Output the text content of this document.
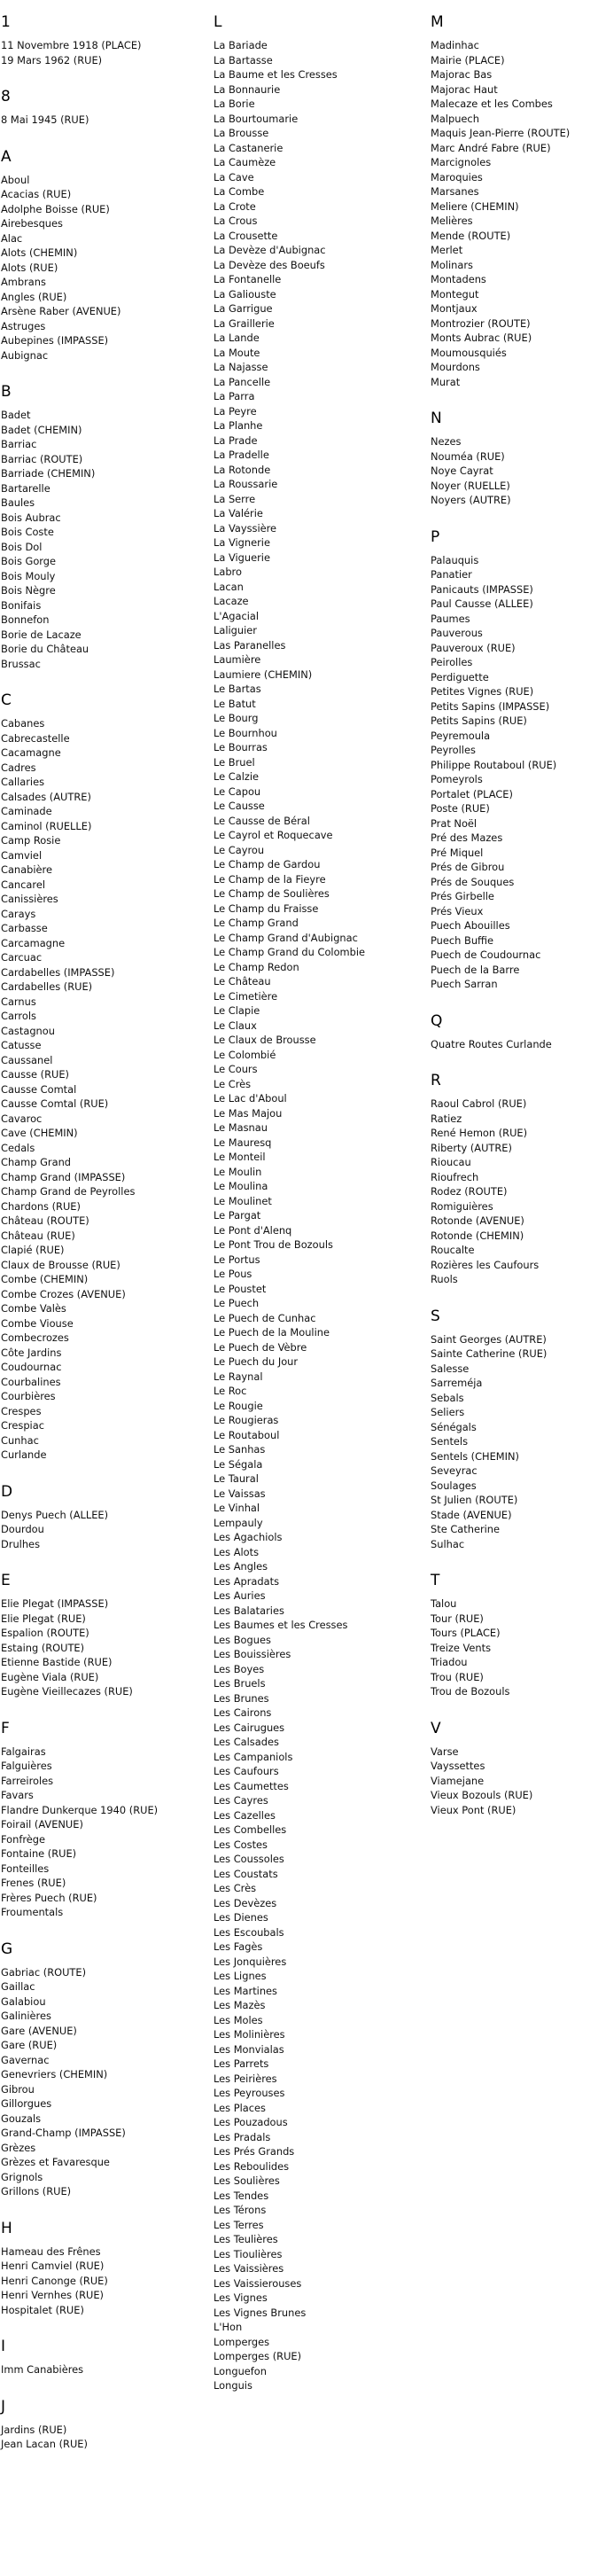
1
11 Novembre 1918 (PLACE)
19 Mars 1962 (RUE)
8
8 Mai 1945 (RUE)
A
Aboul
Acacias (RUE)
Adolphe Boisse (RUE)
Airebesques
Alac
Alots (CHEMIN)
Alots (RUE)
Ambrans
Angles (RUE)
Arsène Raber (AVENUE)
Astruges
Aubepines (IMPASSE)
Aubignac
B
Badet
Badet (CHEMIN)
Barriac
Barriac (ROUTE)
Barriade (CHEMIN)
Bartarelle
Baules
Bois Aubrac
Bois Coste
Bois Dol
Bois Gorge
Bois Mouly
Bois Nègre
Bonifais
Bonnefon
Borie de Lacaze
Borie du Château
Brussac
C
Cabanes
Cabrecastelle
Cacamagne
Cadres
Callaries
Calsades (AUTRE)
Caminade
Caminol (RUELLE)
Camp Rosie
Camviel
Canabière
Cancarel
Canissières
Carays
Carbasse
Carcamagne
Carcuac
Cardabelles (IMPASSE)
Cardabelles (RUE)
Carnus
Carrols
Castagnou
Catusse
Caussanel
Causse (RUE)
Causse Comtal
Causse Comtal (RUE)
Cavaroc
Cave (CHEMIN)
Cedals
Champ Grand
Champ Grand (IMPASSE)
Champ Grand de Peyrolles
Chardons (RUE)
Château (ROUTE)
Château (RUE)
Clapié (RUE)
Claux de Brousse (RUE)
Combe (CHEMIN)
Combe Crozes (AVENUE)
Combe Valès
Combe Viouse
Combecrozes
Côte Jardins
Coudournac
Courbalines
Courbières
Crespes
Crespiac
Cunhac
Curlande
D
Denys Puech (ALLEE)
Dourdou
Drulhes
E
Elie Plegat (IMPASSE)
Elie Plegat (RUE)
Espalion (ROUTE)
Estaing (ROUTE)
Etienne Bastide (RUE)
Eugène Viala (RUE)
Eugène Vieillecazes (RUE)
F
Falgairas
Falguières
Farreiroles
Favars
Flandre Dunkerque 1940 (RUE)
Foirail (AVENUE)
Fonfrège
Fontaine (RUE)
Fonteilles
Frenes (RUE)
Frères Puech (RUE)
Froumentals
G
Gabriac (ROUTE)
Gaillac
Galabiou
Galinières
Gare (AVENUE)
Gare (RUE)
Gavernac
Genevriers (CHEMIN)
Gibrou
Gillorgues
Gouzals
Grand-Champ (IMPASSE)
Grèzes
Grèzes et Favaresque
Grignols
Grillons (RUE)
H
Hameau des Frênes
Henri Camviel (RUE)
Henri Canonge (RUE)
Henri Vernhes (RUE)
Hospitalet (RUE)
I
Imm Canabières
J
Jardins (RUE)
Jean Lacan (RUE)
L
La Bariade
La Bartasse
La Baume et les Cresses
La Bonnaurie
La Borie
La Bourtoumarie
La Brousse
La Castanerie
La Caumèze
La Cave
La Combe
La Crote
La Crous
La Crousette
La Devèze d'Aubignac
La Devèze des Boeufs
La Fontanelle
La Galiouste
La Garrigue
La Graillerie
La Lande
La Moute
La Najasse
La Pancelle
La Parra
La Peyre
La Planhe
La Prade
La Pradelle
La Rotonde
La Roussarie
La Serre
La Valérie
La Vayssière
La Vignerie
La Viguerie
Labro
Lacan
Lacaze
L'Agacial
Laliguier
Las Paranelles
Laumière
Laumiere (CHEMIN)
Le Bartas
Le Batut
Le Bourg
Le Bournhou
Le Bourras
Le Bruel
Le Calzie
Le Capou
Le Causse
Le Causse de Béral
Le Cayrol et Roquecave
Le Cayrou
Le Champ de Gardou
Le Champ de la Fieyre
Le Champ de Soulières
Le Champ du Fraisse
Le Champ Grand
Le Champ Grand d'Aubignac
Le Champ Grand du Colombie
Le Champ Redon
Le Château
Le Cimetière
Le Clapie
Le Claux
Le Claux de Brousse
Le Colombié
Le Cours
Le Crès
Le Lac d'Aboul
Le Mas Majou
Le Masnau
Le Mauresq
Le Monteil
Le Moulin
Le Moulina
Le Moulinet
Le Pargat
Le Pont d'Alenq
Le Pont Trou de Bozouls
Le Portus
Le Pous
Le Poustet
Le Puech
Le Puech de Cunhac
Le Puech de la Mouline
Le Puech de Vèbre
Le Puech du Jour
Le Raynal
Le Roc
Le Rougie
Le Rougieras
Le Routaboul
Le Sanhas
Le Ségala
Le Taural
Le Vaissas
Le Vinhal
Lempauly
Les Agachiols
Les Alots
Les Angles
Les Apradats
Les Auries
Les Balataries
Les Baumes et les Cresses
Les Bogues
Les Bouissières
Les Boyes
Les Bruels
Les Brunes
Les Cairons
Les Cairugues
Les Calsades
Les Campaniols
Les Caufours
Les Caumettes
Les Cayres
Les Cazelles
Les Combelles
Les Costes
Les Coussoles
Les Coustats
Les Crès
Les Devèzes
Les Dienes
Les Escoubals
Les Fagès
Les Jonquières
Les Lignes
Les Martines
Les Mazès
Les Moles
Les Molinières
Les Monvialas
Les Parrets
Les Peirières
Les Peyrouses
Les Places
Les Pouzadous
Les Pradals
Les Prés Grands
Les Reboulides
Les Soulières
Les Tendes
Les Térons
Les Terres
Les Teulières
Les Tioulières
Les Vaissières
Les Vaissierouses
Les Vignes
Les Vignes Brunes
L'Hon
Lomperges
Lomperges (RUE)
Longuefon
Longuis
M
Madinhac
Mairie (PLACE)
Majorac Bas
Majorac Haut
Malecaze et les Combes
Malpuech
Maquis Jean-Pierre (ROUTE)
Marc André Fabre (RUE)
Marcignoles
Maroquies
Marsanes
Meliere (CHEMIN)
Melières
Mende (ROUTE)
Merlet
Molinars
Montadens
Montegut
Montjaux
Montrozier (ROUTE)
Monts Aubrac (RUE)
Moumousquiés
Mourdons
Murat
N
Nezes
Nouméa (RUE)
Noye Cayrat
Noyer (RUELLE)
Noyers (AUTRE)
P
Palauquis
Panatier
Panicauts (IMPASSE)
Paul Causse (ALLEE)
Paumes
Pauverous
Pauveroux (RUE)
Peirolles
Perdiguette
Petites Vignes (RUE)
Petits Sapins (IMPASSE)
Petits Sapins (RUE)
Peyremoula
Peyrolles
Philippe Routaboul (RUE)
Pomeyrols
Portalet (PLACE)
Poste (RUE)
Prat Noël
Pré des Mazes
Pré Miquel
Prés de Gibrou
Prés de Souques
Prés Girbelle
Prés Vieux
Puech Abouilles
Puech Buffie
Puech de Coudournac
Puech de la Barre
Puech Sarran
Q
Quatre Routes Curlande
R
Raoul Cabrol (RUE)
Ratiez
René Hemon (RUE)
Riberty (AUTRE)
Rioucau
Rioufrech
Rodez (ROUTE)
Romiguières
Rotonde (AVENUE)
Rotonde (CHEMIN)
Roucalte
Rozières les Caufours
Ruols
S
Saint Georges (AUTRE)
Sainte Catherine (RUE)
Salesse
Sarreméja
Sebals
Seliers
Sénégals
Sentels
Sentels (CHEMIN)
Seveyrac
Soulages
St Julien (ROUTE)
Stade (AVENUE)
Ste Catherine
Sulhac
T
Talou
Tour (RUE)
Tours (PLACE)
Treize Vents
Triadou
Trou (RUE)
Trou de Bozouls
V
Varse
Vayssettes
Viamejane
Vieux Bozouls (RUE)
Vieux Pont (RUE)
